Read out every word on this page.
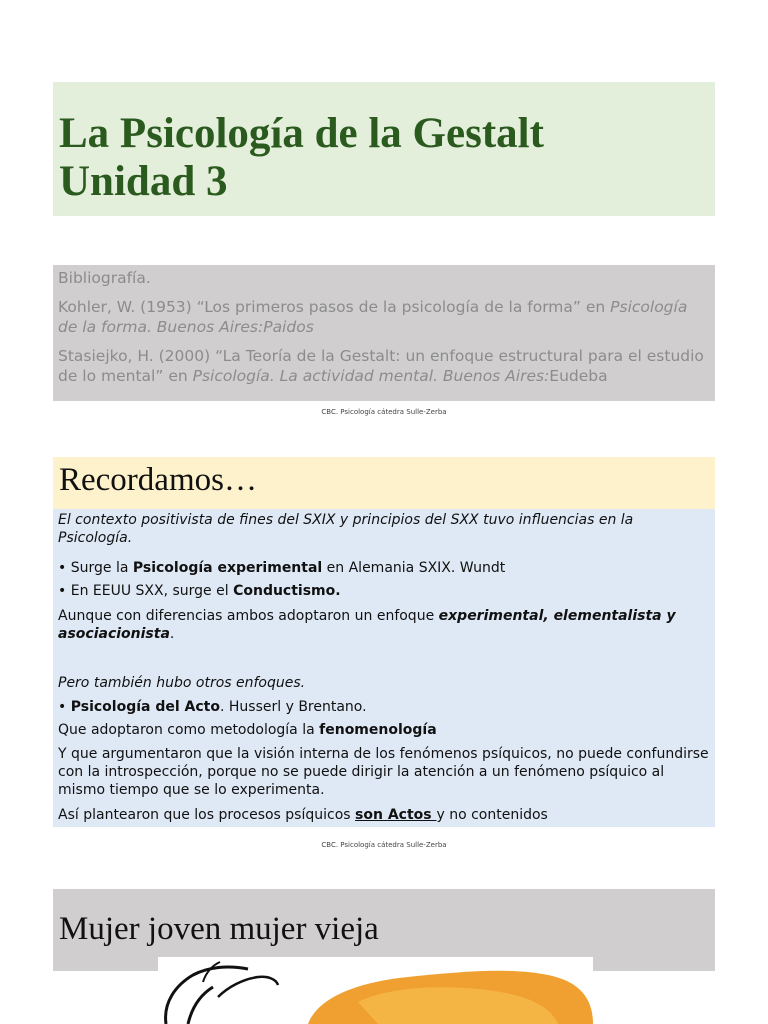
La Psicología de la Gestalt
Unidad 3

Bibliografía.

Kohler, W. (1953) “Los primeros pasos de la psicología de la forma” en Psicología de la forma. Buenos Aires:Paidos

Stasiejko, H. (2000) “La Teoría de la Gestalt: un enfoque estructural para el estudio de lo mental” en Psicología. La actividad mental. Buenos Aires:Eudeba

CBC. Psicología cátedra Sulle-Zerba
Recordamos…
El contexto positivista de fines del SXIX y principios del SXX tuvo influencias en la Psicología.
• Surge la Psicología experimental en Alemania SXIX. Wundt
• En EEUU SXX, surge el Conductismo.
Aunque con diferencias ambos adoptaron un enfoque experimental, elementalista y asociacionista.
Pero también hubo otros enfoques.
• Psicología del Acto. Husserl y Brentano.
Que adoptaron como metodología la fenomenología
Y que argumentaron que la visión interna de los fenómenos psíquicos, no puede confundirse con la introspección, porque no se puede dirigir la atención a un fenómeno psíquico al mismo tiempo que se lo experimenta.
Así plantearon que los procesos psíquicos son Actos y no contenidos
CBC. Psicología cátedra Sulle-Zerba
Mujer joven mujer vieja
